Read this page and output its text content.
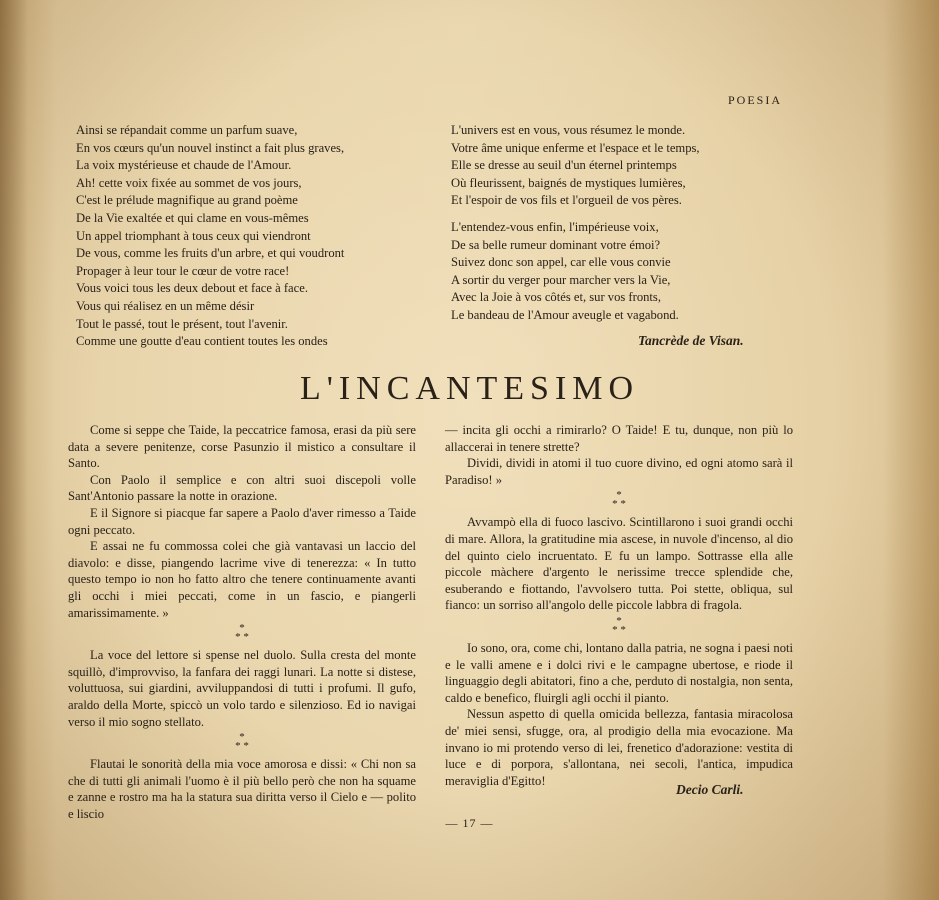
POESIA
Ainsi se répandait comme un parfum suave,
En vos cœurs qu'un nouvel instinct a fait plus graves,
La voix mystérieuse et chaude de l'Amour.
Ah! cette voix fixée au sommet de vos jours,
C'est le prélude magnifique au grand poème
De la Vie exaltée et qui clame en vous-mêmes
Un appel triomphant à tous ceux qui viendront
De vous, comme les fruits d'un arbre, et qui voudront
Propager à leur tour le cœur de votre race!
Vous voici tous les deux debout et face à face.
Vous qui réalisez en un même désir
Tout le passé, tout le présent, tout l'avenir.
Comme une goutte d'eau contient toutes les ondes
L'univers est en vous, vous résumez le monde.
Votre âme unique enferme et l'espace et le temps,
Elle se dresse au seuil d'un éternel printemps
Où fleurissent, baignés de mystiques lumières,
Et l'espoir de vos fils et l'orgueil de vos pères.
L'entendez-vous enfin, l'impérieuse voix,
De sa belle rumeur dominant votre émoi?
Suivez donc son appel, car elle vous convie
A sortir du verger pour marcher vers la Vie,
Avec la Joie à vos côtés et, sur vos fronts,
Le bandeau de l'Amour aveugle et vagabond.
Tancrède de Visan.
L'INCANTESIMO

Come si seppe che Taide, la peccatrice famosa, erasi da più sere data a severe penitenze, corse Pasunzio il mistico a consultare il Santo.

Con Paolo il semplice e con altri suoi discepoli volle Sant'Antonio passare la notte in orazione.

E il Signore si piacque far sapere a Paolo d'aver rimesso a Taide ogni peccato.

E assai ne fu commossa colei che già vantavasi un laccio del diavolo: e disse, piangendo lacrime vive di tenerezza: « In tutto questo tempo io non ho fatto altro che tenere continuamente avanti gli occhi i miei peccati, come in un fascio, e piangerli amarissimamente. »

*
* *

La voce del lettore si spense nel duolo. Sulla cresta del monte squillò, d'improvviso, la fanfara dei raggi lunari. La notte si distese, voluttuosa, sui giardini, avviluppandosi di tutti i profumi. Il gufo, araldo della Morte, spiccò un volo tardo e silenzioso. Ed io navigai verso il mio sogno stellato.

*
* *

Flautai le sonorità della mia voce amorosa e dissi: « Chi non sa che di tutti gli animali l'uomo è il più bello però che non ha squame e zanne e rostro ma ha la statura sua diritta verso il Cielo e — polito e liscio

— incita gli occhi a rimirarlo? O Taide! E tu, dunque, non più lo allaccerai in tenere strette?

Dividi, dividi in atomi il tuo cuore divino, ed ogni atomo sarà il Paradiso! »

*
* *

Avvampò ella di fuoco lascivo. Scintillarono i suoi grandi occhi di mare. Allora, la gratitudine mia ascese, in nuvole d'incenso, al dio del quinto cielo incruentato. E fu un lampo. Sottrasse ella alle piccole màchere d'argento le nerissime trecce splendide che, esuberando e fiottando, l'avvolsero tutta. Poi stette, obliqua, sul fianco: un sorriso all'angolo delle piccole labbra di fragola.

*
* *

Io sono, ora, come chi, lontano dalla patria, ne sogna i paesi noti e le valli amene e i dolci rivi e le campagne ubertose, e riode il linguaggio degli abitatori, fino a che, perduto di nostalgia, non senta, caldo e benefico, fluirgli agli occhi il pianto.

Nessun aspetto di quella omicida bellezza, fantasia miracolosa de' miei sensi, sfugge, ora, al prodigio della mia evocazione. Ma invano io mi protendo verso di lei, frenetico d'adorazione: vestita di luce e di porpora, s'allontana, nei secoli, l'antica, impudica meraviglia d'Egitto!

Decio Carli.
— 17 —
